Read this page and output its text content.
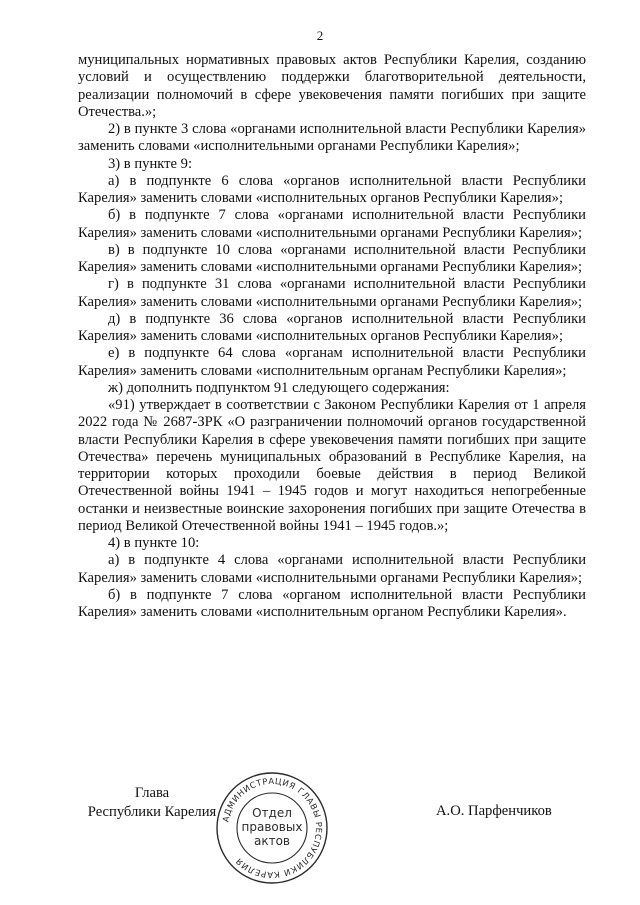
2

муниципальных нормативных правовых актов Республики Карелия, созданию условий и осуществлению поддержки благотворительной деятельности, реализации полномочий в сфере увековечения памяти погибших при защите Отечества.»;

2) в пункте 3 слова «органами исполнительной власти Республики Карелия» заменить словами «исполнительными органами Республики Карелия»;

3) в пункте 9:

а) в подпункте 6 слова «органов исполнительной власти Республики Карелия» заменить словами «исполнительных органов Республики Карелия»;

б) в подпункте 7 слова «органами исполнительной власти Республики Карелия» заменить словами «исполнительными органами Республики Карелия»;

в) в подпункте 10 слова «органами исполнительной власти Республики Карелия» заменить словами «исполнительными органами Республики Карелия»;

г) в подпункте 31 слова «органами исполнительной власти Республики Карелия» заменить словами «исполнительными органами Республики Карелия»;

д) в подпункте 36 слова «органов исполнительной власти Республики Карелия» заменить словами «исполнительных органов Республики Карелия»;

е) в подпункте 64 слова «органам исполнительной власти Республики Карелия» заменить словами «исполнительным органам Республики Карелия»;

ж) дополнить подпунктом 91 следующего содержания:

«91) утверждает в соответствии с Законом Республики Карелия от 1 апреля 2022 года № 2687-ЗРК «О разграничении полномочий органов государственной власти Республики Карелия в сфере увековечения памяти погибших при защите Отечества» перечень муниципальных образований в Республике Карелия, на территории которых проходили боевые действия в период Великой Отечественной войны 1941 – 1945 годов и могут находиться непогребенные останки и неизвестные воинские захоронения погибших при защите Отечества в период Великой Отечественной войны 1941 – 1945 годов.»;

4) в пункте 10:

а) в подпункте 4 слова «органами исполнительной власти Республики Карелия» заменить словами «исполнительными органами Республики Карелия»;

б) в подпункте 7 слова «органом исполнительной власти Республики Карелия» заменить словами «исполнительным органом Республики Карелия».

Глава
Республики Карелия АДМИНИСТРАЦИЯ ГЛАВЫ РЕСПУБЛИКИ КАРЕЛИЯ
Отдел
правовых
актов
А.О. Парфенчиков
